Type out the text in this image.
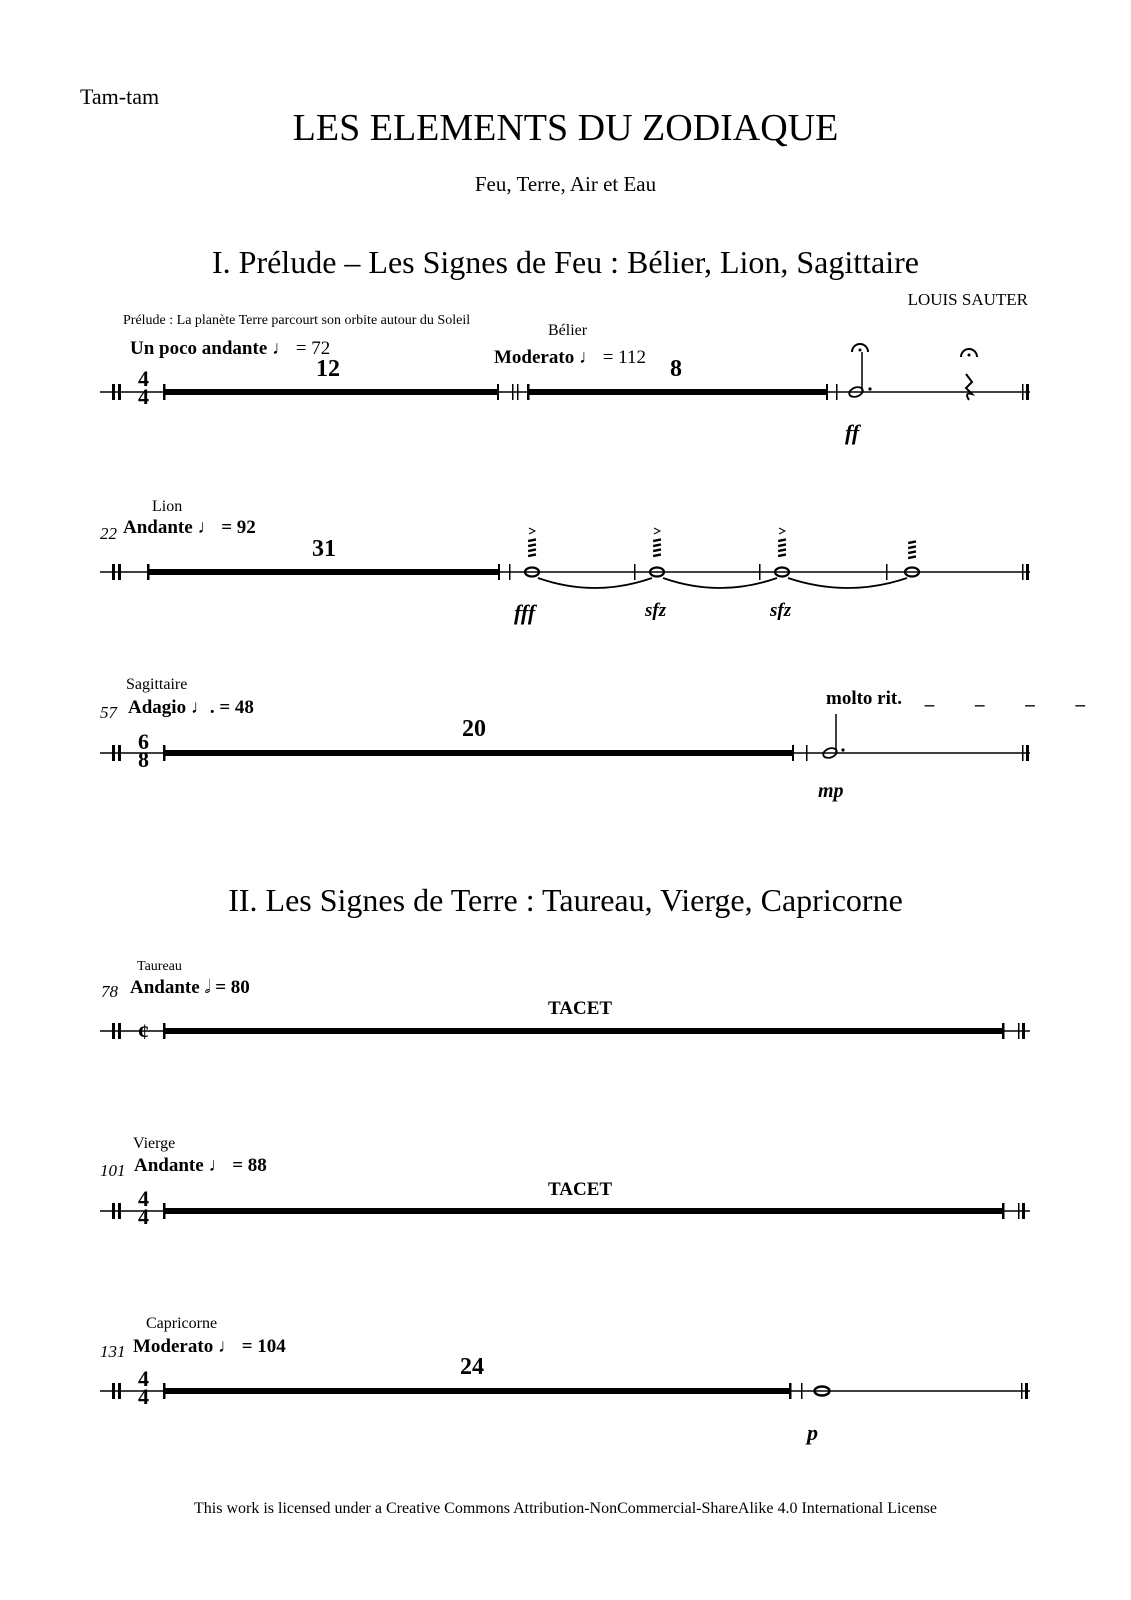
Tam-tam
LES ELEMENTS DU ZODIAQUE
Feu, Terre, Air et Eau
I. Prélude – Les Signes de Feu : Bélier, Lion, Sagittaire
LOUIS SAUTER
Prélude : La planète Terre parcourt son orbite autour du Soleil
Un poco andante ♩ = 72
Bélier
Moderato ♩ = 112
12	8
4
4
ff
Lion
22 Andante ♩ = 92
31
fff	sfz	sfz
Sagittaire
57 Adagio ♩. = 48
20
molto rit. _ _ _ _
6
8
mp
II. Les Signes de Terre : Taureau, Vierge, Capricorne
Taureau
78 Andante 𝅗𝅥 = 80
TACET
¢
Vierge
101 Andante ♩ = 88
TACET
4
4
Capricorne
131 Moderato ♩ = 104
24
4
4
p
This work is licensed under a Creative Commons Attribution-NonCommercial-ShareAlike 4.0 International License
